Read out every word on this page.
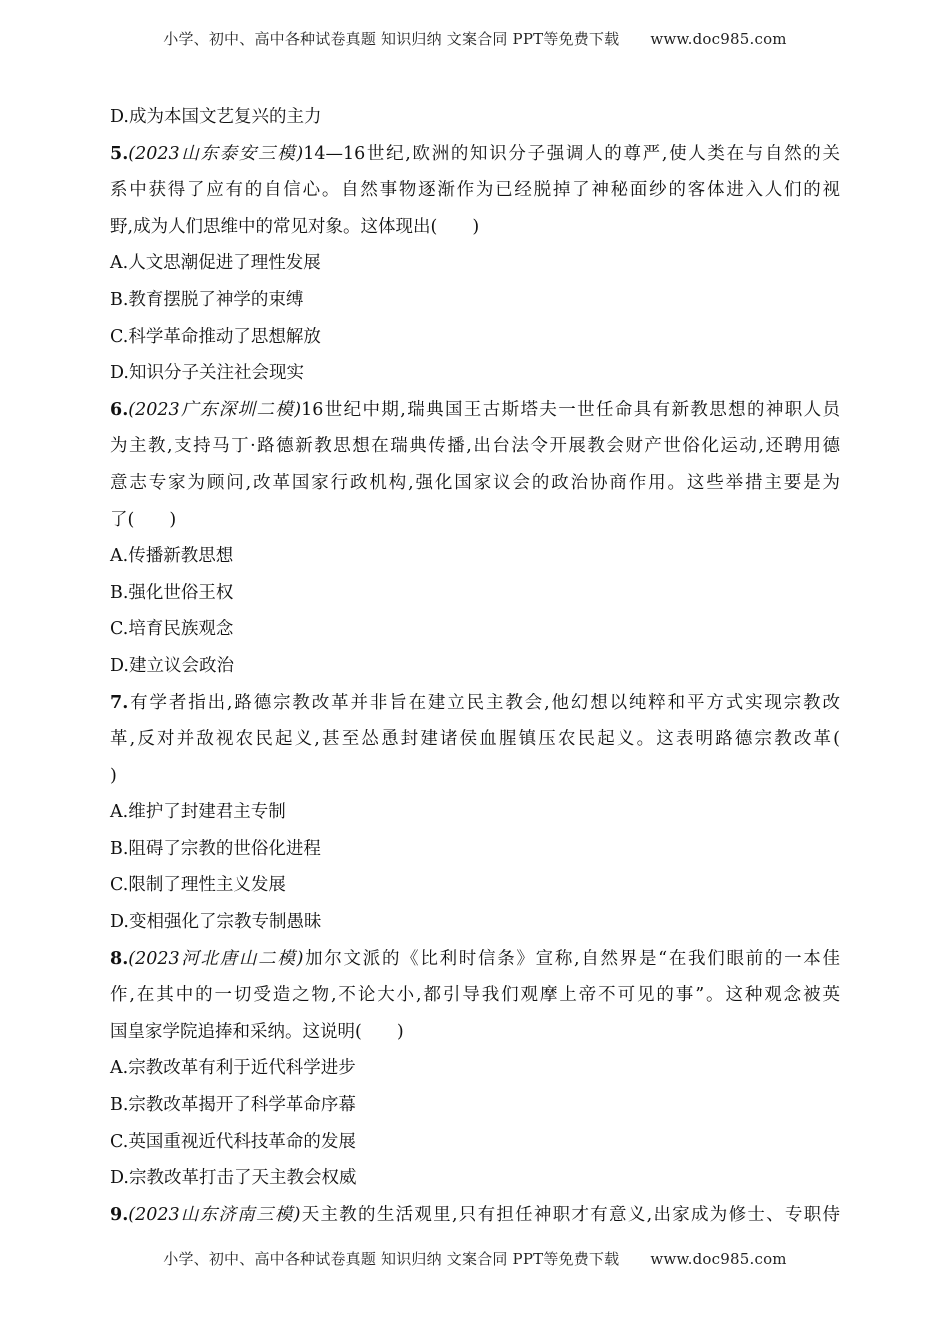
小学、初中、高中各种试卷真题 知识归纳 文案合同 PPT等免费下载 www.doc985.com
D.成为本国文艺复兴的主力
5.(2023山东泰安三模)14—16世纪,欧洲的知识分子强调人的尊严,使人类在与自然的关
系中获得了应有的自信心。自然事物逐渐作为已经脱掉了神秘面纱的客体进入人们的视
野,成为人们思维中的常见对象。这体现出(　　)
A.人文思潮促进了理性发展
B.教育摆脱了神学的束缚
C.科学革命推动了思想解放
D.知识分子关注社会现实
6.(2023广东深圳二模)16世纪中期,瑞典国王古斯塔夫一世任命具有新教思想的神职人员
为主教,支持马丁·路德新教思想在瑞典传播,出台法令开展教会财产世俗化运动,还聘用德
意志专家为顾问,改革国家行政机构,强化国家议会的政治协商作用。这些举措主要是为
了(　　)
A.传播新教思想
B.强化世俗王权
C.培育民族观念
D.建立议会政治
7.有学者指出,路德宗教改革并非旨在建立民主教会,他幻想以纯粹和平方式实现宗教改
革,反对并敌视农民起义,甚至怂恿封建诸侯血腥镇压农民起义。这表明路德宗教改革(
)
A.维护了封建君主专制
B.阻碍了宗教的世俗化进程
C.限制了理性主义发展
D.变相强化了宗教专制愚昧
8.(2023河北唐山二模)加尔文派的《比利时信条》宣称,自然界是“在我们眼前的一本佳
作,在其中的一切受造之物,不论大小,都引导我们观摩上帝不可见的事”。这种观念被英
国皇家学院追捧和采纳。这说明(　　)
A.宗教改革有利于近代科学进步
B.宗教改革揭开了科学革命序幕
C.英国重视近代科技革命的发展
D.宗教改革打击了天主教会权威
9.(2023山东济南三模)天主教的生活观里,只有担任神职才有意义,出家成为修士、专职侍
小学、初中、高中各种试卷真题 知识归纳 文案合同 PPT等免费下载 www.doc985.com
